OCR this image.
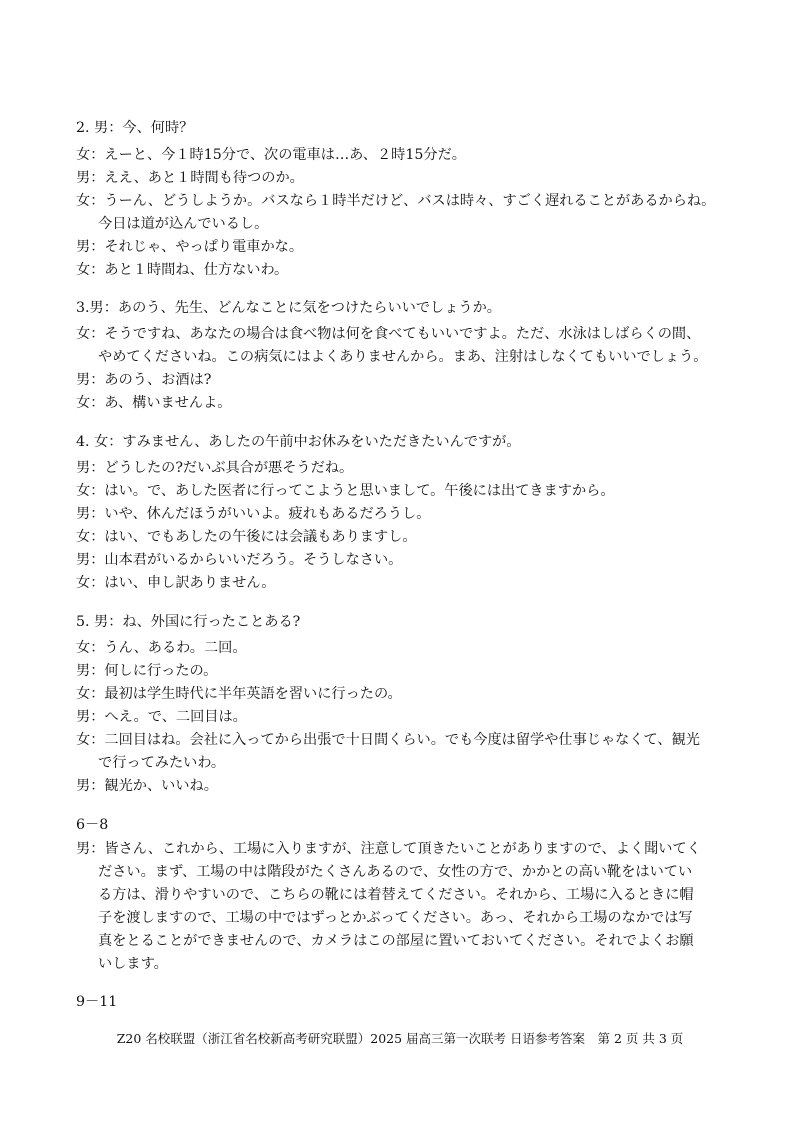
2. 男：今、何時？
女：えーと、今１時15分で、次の電車は…あ、２時15分だ。
男：ええ、あと１時間も待つのか。
女：うーん、どうしようか。バスなら１時半だけど、バスは時々、すごく遅れることがあるからね。
今日は道が込んでいるし。
男：それじゃ、やっぱり電車かな。
女：あと１時間ね、仕方ないわ。
3.男：あのう、先生、どんなことに気をつけたらいいでしょうか。
女：そうですね、あなたの場合は食べ物は何を食べてもいいですよ。ただ、水泳はしばらくの間、
やめてくださいね。この病気にはよくありませんから。まあ、注射はしなくてもいいでしょう。
男：あのう、お酒は?
女：あ、構いませんよ。
4. 女：すみません、あしたの午前中お休みをいただきたいんですが。
男：どうしたの?だいぶ具合が悪そうだね。
女：はい。で、あした医者に行ってこようと思いまして。午後には出てきますから。
男：いや、休んだほうがいいよ。疲れもあるだろうし。
女：はい、でもあしたの午後には会議もありますし。
男：山本君がいるからいいだろう。そうしなさい。
女：はい、申し訳ありません。
5. 男：ね、外国に行ったことある?
女：うん、あるわ。二回。
男：何しに行ったの。
女：最初は学生時代に半年英語を習いに行ったの。
男：へえ。で、二回目は。
女：二回目はね。会社に入ってから出張で十日間くらい。でも今度は留学や仕事じゃなくて、観光
で行ってみたいわ。
男：観光か、いいね。
6－8
男：皆さん、これから、工場に入りますが、注意して頂きたいことがありますので、よく聞いてく
ださい。まず、工場の中は階段がたくさんあるので、女性の方で、かかとの高い靴をはいてい
る方は、滑りやすいので、こちらの靴には着替えてください。それから、工場に入るときに帽
子を渡しますので、工場の中ではずっとかぶってください。あっ、それから工場のなかでは写
真をとることができませんので、カメラはこの部屋に置いておいてください。それでよくお願
いします。
9－11
Z20 名校联盟（浙江省名校新高考研究联盟）2025 届高三第一次联考 日语参考答案　第 2 页 共 3 页
